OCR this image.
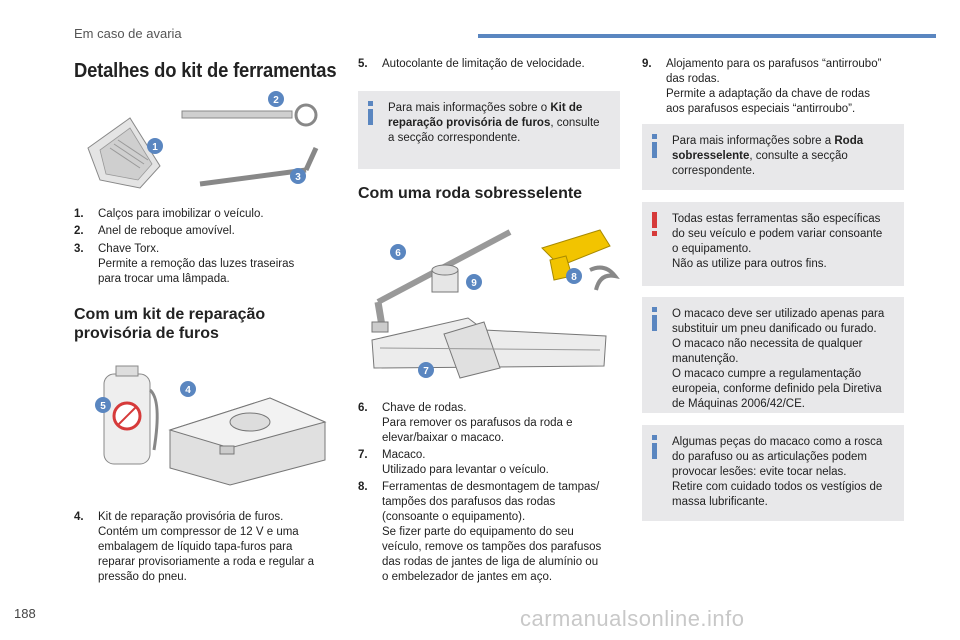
Em caso de avaria
Detalhes do kit de ferramentas
1
2
3
1. Calços para imobilizar o veículo.
2. Anel de reboque amovível.
3. Chave Torx.
Permite a remoção das luzes traseiras
para trocar uma lâmpada.
Com um kit de reparação
provisória de furos
4
5
4. Kit de reparação provisória de furos.
Contém um compressor de 12 V e uma
embalagem de líquido tapa-furos para
reparar provisoriamente a roda e regular a
pressão do pneu.
5. Autocolante de limitação de velocidade.
Para mais informações sobre o Kit de
reparação provisória de furos, consulte
a secção correspondente.
Com uma roda sobresselente
6
9
8
7
6. Chave de rodas.
Para remover os parafusos da roda e
elevar/baixar o macaco.
7. Macaco.
Utilizado para levantar o veículo.
8. Ferramentas de desmontagem de tampas/
tampões dos parafusos das rodas
(consoante o equipamento).
Se fizer parte do equipamento do seu
veículo, remove os tampões dos parafusos
das rodas de jantes de liga de alumínio ou
o embelezador de jantes em aço.
9. Alojamento para os parafusos “antirroubo”
das rodas.
Permite a adaptação da chave de rodas
aos parafusos especiais “antirroubo”.
Para mais informações sobre a Roda
sobresselente, consulte a secção
correspondente.
Todas estas ferramentas são específicas
do seu veículo e podem variar consoante
o equipamento.
Não as utilize para outros fins.
O macaco deve ser utilizado apenas para
substituir um pneu danificado ou furado.
O macaco não necessita de qualquer
manutenção.
O macaco cumpre a regulamentação
europeia, conforme definido pela Diretiva
de Máquinas 2006/42/CE.
Algumas peças do macaco como a rosca
do parafuso ou as articulações podem
provocar lesões: evite tocar nelas.
Retire com cuidado todos os vestígios de
massa lubrificante.
188	carmanualsonline.info
